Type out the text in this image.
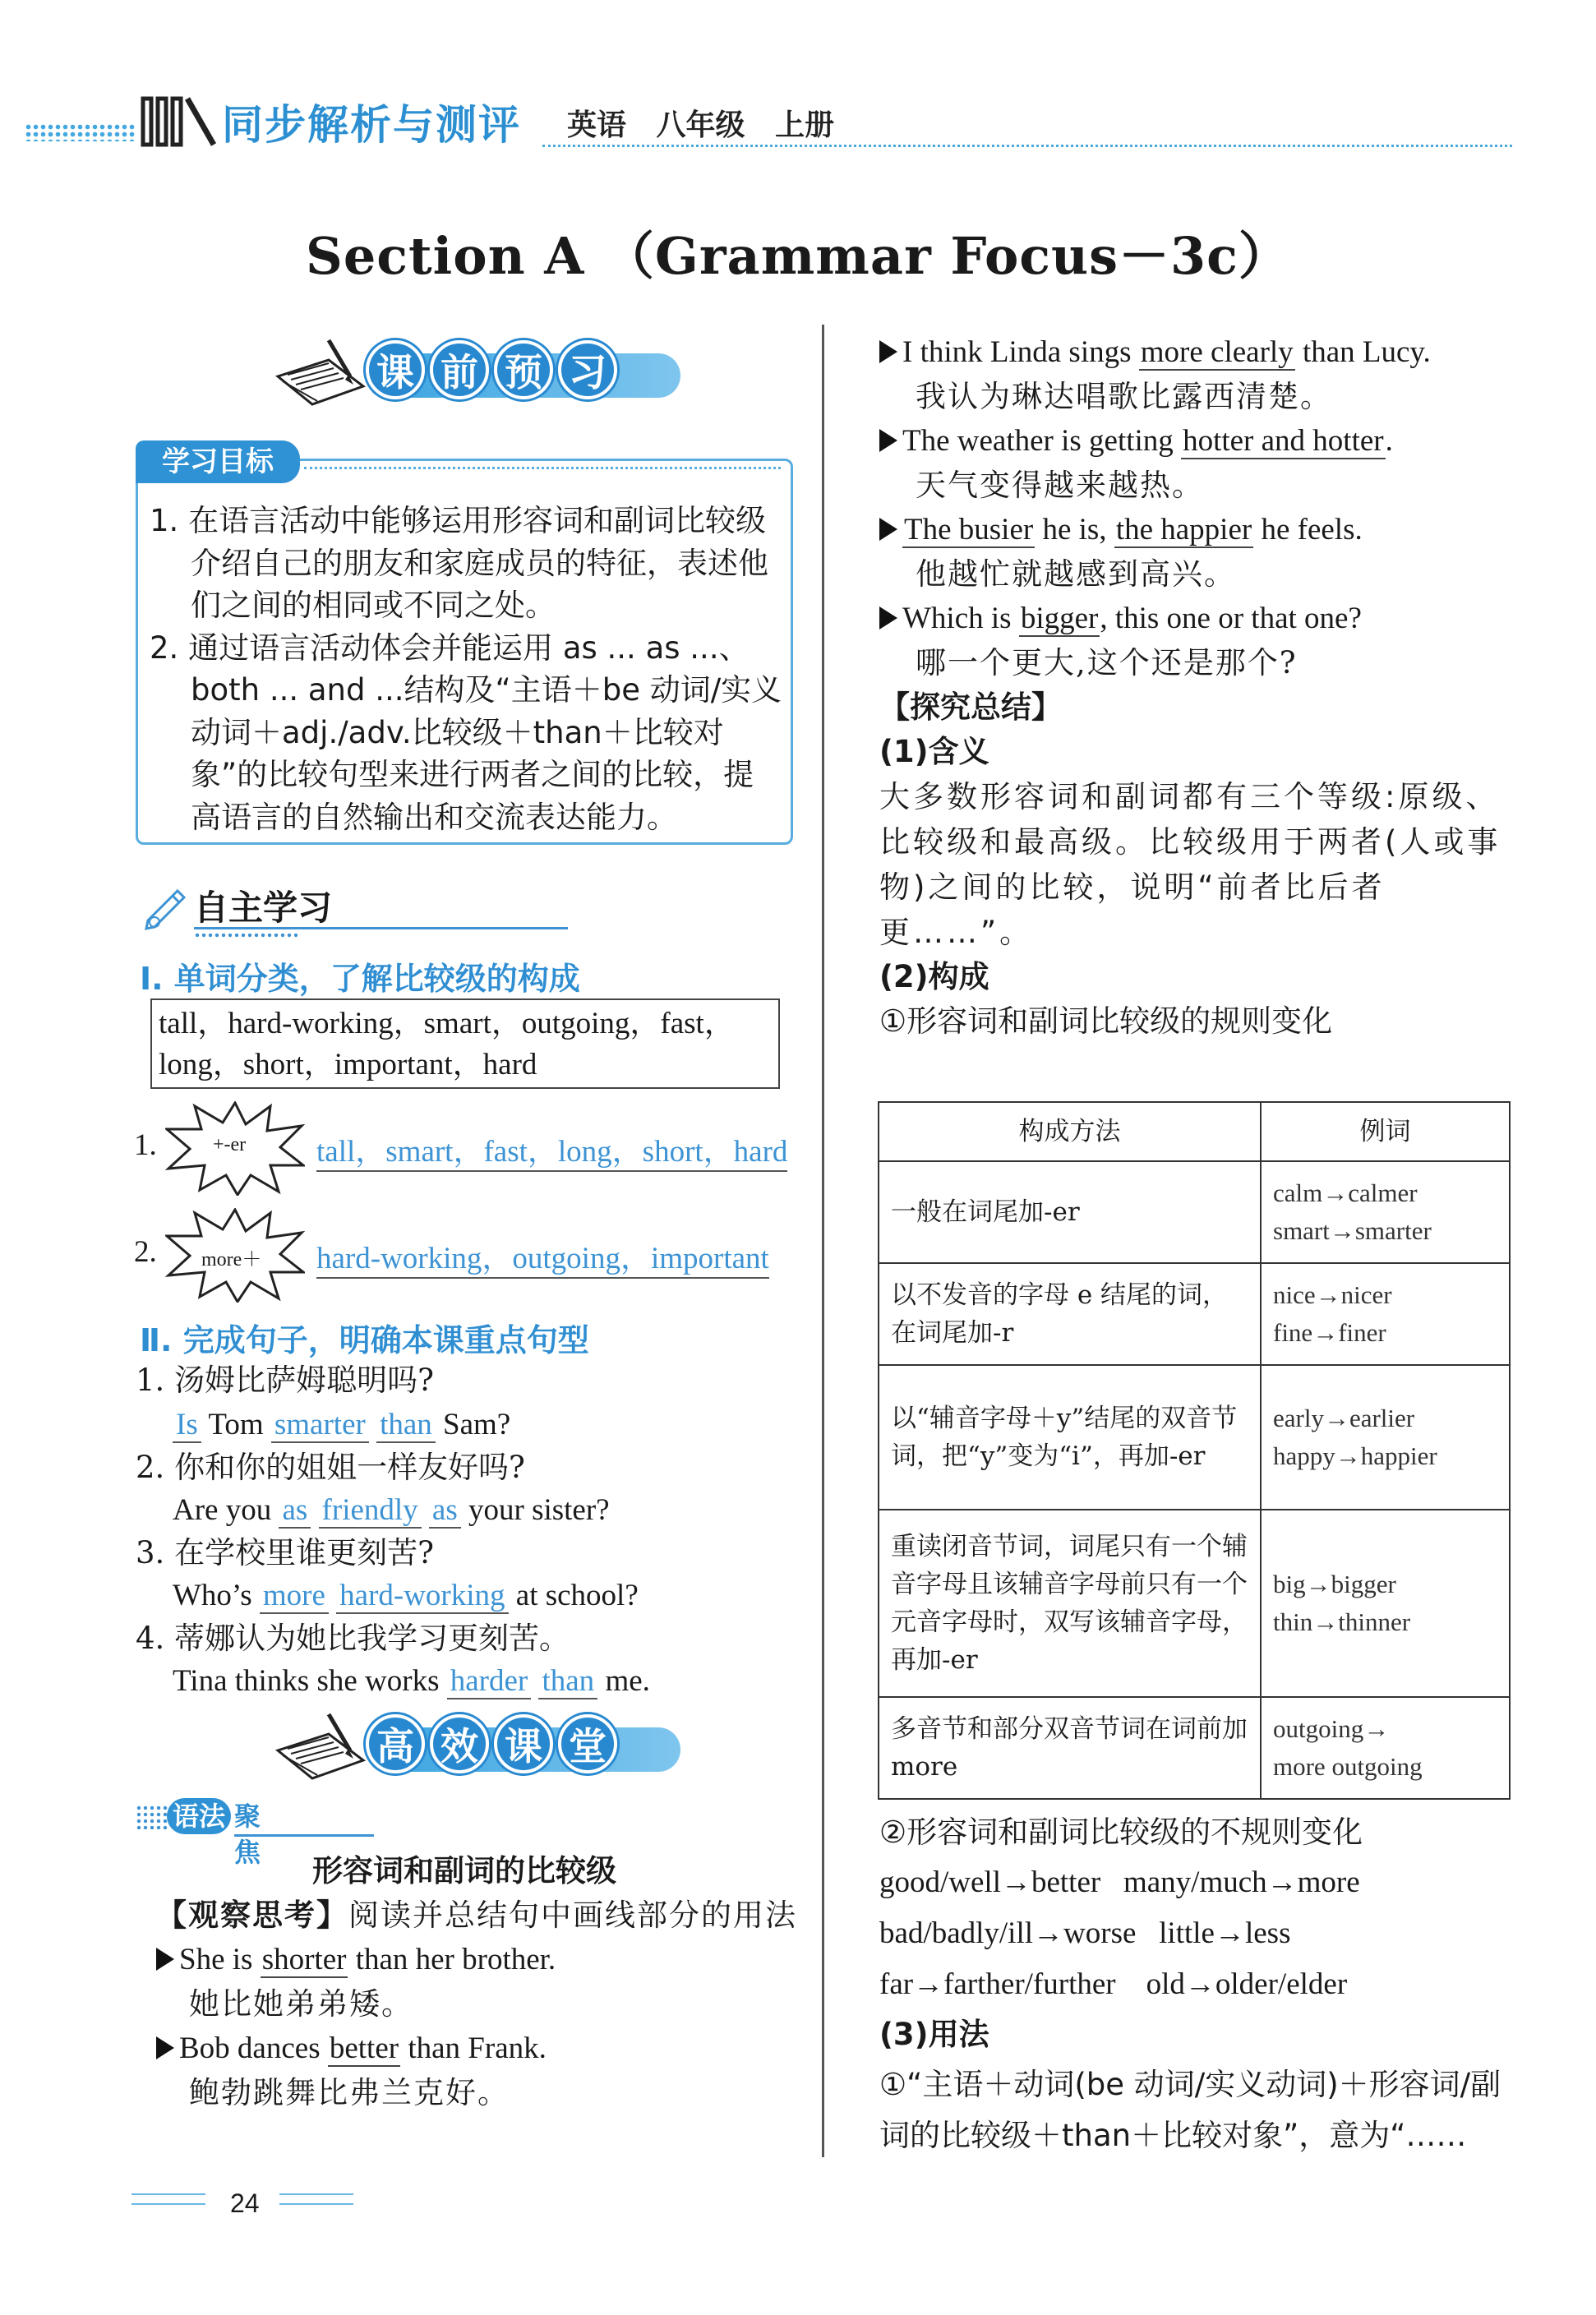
同步解析与测评 英语 八年级 上册
Section A （Grammar Focus－3c）
课 前 预 习
学习目标

1. 在语言活动中能够运用形容词和副词比较级介绍自己的朋友和家庭成员的特征，表述他们之间的相同或不同之处。

2. 通过语言活动体会并能运用 as ... as ...、both ... and ...结构及“主语＋be 动词/实义动词＋adj./adv.比较级＋than＋比较对象”的比较句型来进行两者之间的比较，提高语言的自然输出和交流表达能力。

自主学习
Ⅰ. 单词分类，了解比较级的构成
tall，hard-working，smart，outgoing，fast，long，short，important，hard
1.	+-er tall，smart，fast，long，short，hard
2. more＋ hard-working，outgoing，important
Ⅱ. 完成句子，明确本课重点句型
1. 汤姆比萨姆聪明吗?
Is Tom smarter than Sam?
2. 你和你的姐姐一样友好吗?
Are you as friendly as your sister?
3. 在学校里谁更刻苦?
Who’s more hard-working at school?
4. 蒂娜认为她比我学习更刻苦。
Tina thinks she works harder than me.
高 效 课 堂
语法 聚焦
形容词和副词的比较级
【观察思考】阅读并总结句中画线部分的用法
She is shorter than her brother.
她比她弟弟矮。
Bob dances better than Frank.
鲍勃跳舞比弗兰克好。
I think Linda sings more clearly than Lucy.
我认为琳达唱歌比露西清楚。
The weather is getting hotter and hotter.
天气变得越来越热。
The busier he is, the happier he feels.
他越忙就越感到高兴。
Which is bigger, this one or that one?
哪一个更大,这个还是那个?
【探究总结】
(1)含义
大多数形容词和副词都有三个等级:原级、比较级和最高级。比较级用于两者(人或事物)之间的比较，说明“前者比后者更……”。
(2)构成
①形容词和副词比较级的规则变化
构成方法	例词
一般在词尾加-er	calm→calmer
smart→smarter

以不发音的字母 e 结尾的词，在词尾加-r	nice→nicer
fine→finer

以“辅音字母＋y”结尾的双音节词，把“y”变为“i”，再加-er	early→earlier
happy→happier

重读闭音节词，词尾只有一个辅音字母且该辅音字母前只有一个元音字母时，双写该辅音字母，再加-er	big→bigger
thin→thinner

多音节和部分双音节词在词前加 more	outgoing→
more outgoing
②形容词和副词比较级的不规则变化
good/well→better many/much→more
bad/badly/ill→worse little→less
far→farther/further old→older/elder
(3)用法
①“主语＋动词(be 动词/实义动词)＋形容词/副词的比较级＋than＋比较对象”，意为“……
24
